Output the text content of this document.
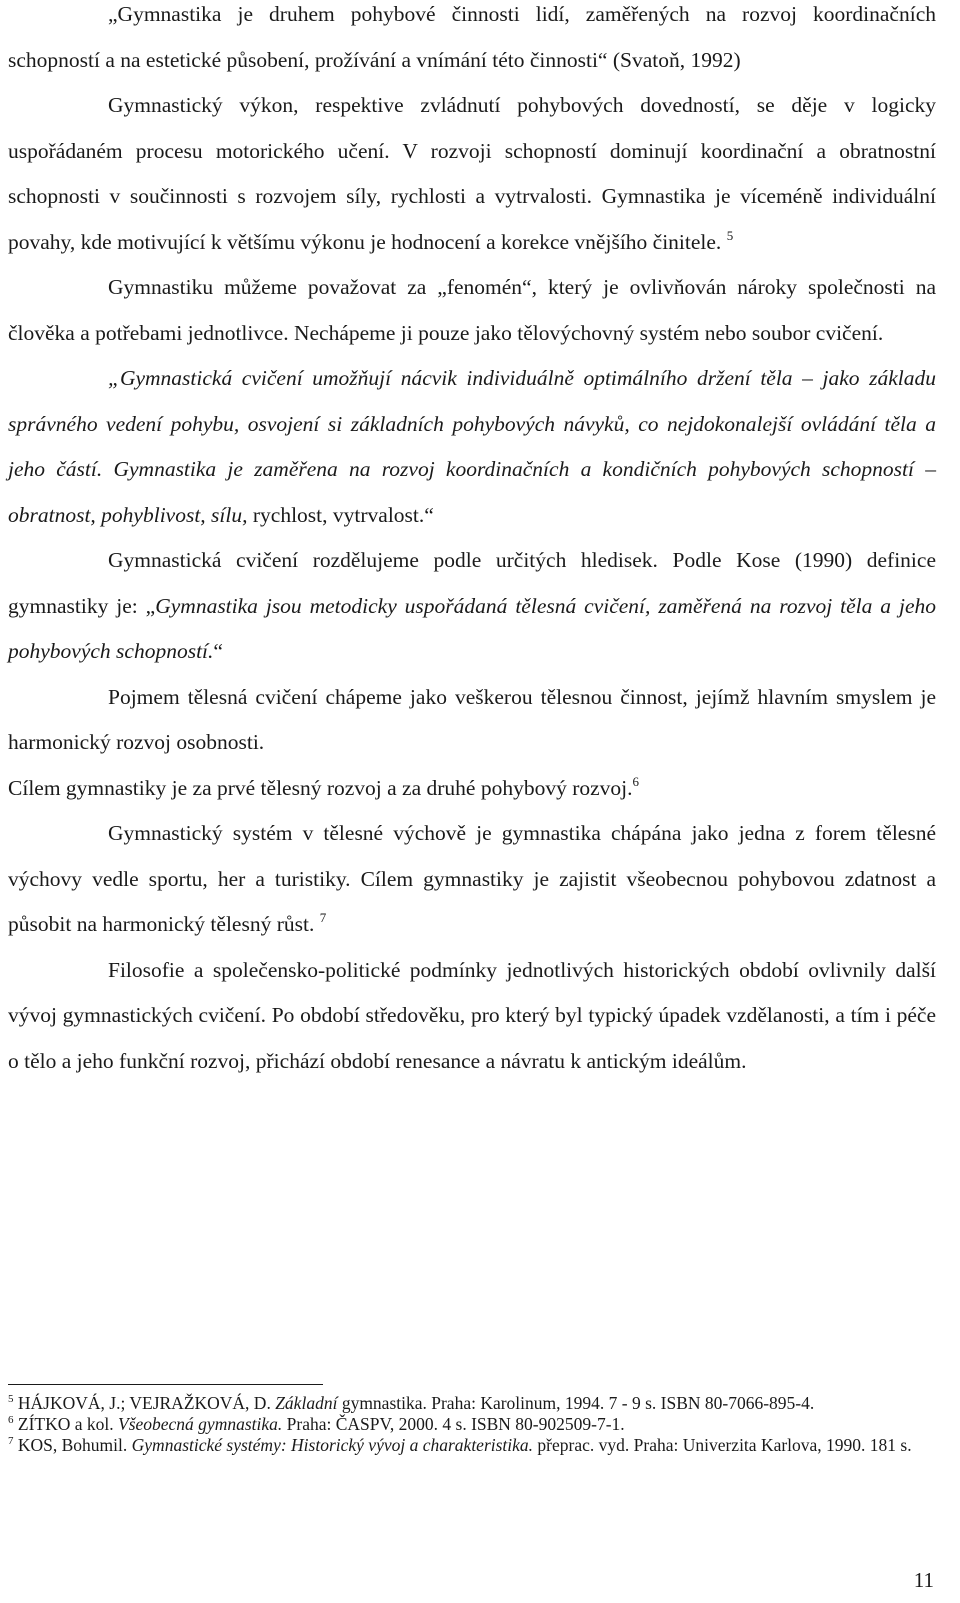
„Gymnastika je druhem pohybové činnosti lidí, zaměřených na rozvoj koordinačních schopností a na estetické působení, prožívání a vnímání této činnosti“ (Svatoň, 1992)

Gymnastický výkon, respektive zvládnutí pohybových dovedností, se děje v logicky uspořádaném procesu motorického učení. V rozvoji schopností dominují koordinační a obratnostní schopnosti v součinnosti s rozvojem síly, rychlosti a vytrvalosti. Gymnastika je víceméně individuální povahy, kde motivující k většímu výkonu je hodnocení a korekce vnějšího činitele. $^5$

Gymnastiku můžeme považovat za „fenomén“, který je ovlivňován nároky společnosti na člověka a potřebami jednotlivce. Nechápeme ji pouze jako tělovýchovný systém nebo soubor cvičení.

„Gymnastická cvičení umožňují nácvik individuálně optimálního držení těla – jako základu správného vedení pohybu, osvojení si základních pohybových návyků, co nejdokonalejší ovládání těla a jeho částí. Gymnastika je zaměřena na rozvoj koordinačních a kondičních pohybových schopností – obratnost, pohyblivost, sílu, rychlost, vytrvalost.“

Gymnastická cvičení rozdělujeme podle určitých hledisek. Podle Kose (1990) definice gymnastiky je: „Gymnastika jsou metodicky uspořádaná tělesná cvičení, zaměřená na rozvoj těla a jeho pohybových schopností.“

Pojmem tělesná cvičení chápeme jako veškerou tělesnou činnost, jejímž hlavním smyslem je harmonický rozvoj osobnosti.

Cílem gymnastiky je za prvé tělesný rozvoj a za druhé pohybový rozvoj.$^6$

Gymnastický systém v tělesné výchově je gymnastika chápána jako jedna z forem tělesné výchovy vedle sportu, her a turistiky. Cílem gymnastiky je zajistit všeobecnou pohybovou zdatnost a působit na harmonický tělesný růst. $^7$

Filosofie a společensko-politické podmínky jednotlivých historických období ovlivnily další vývoj gymnastických cvičení. Po období středověku, pro který byl typický úpadek vzdělanosti, a tím i péče o tělo a jeho funkční rozvoj, přichází období renesance a návratu k antickým ideálům.

$^5$ HÁJKOVÁ, J.; VEJRAŽKOVÁ, D. Základní gymnastika. Praha: Karolinum, 1994. 7 - 9 s. ISBN 80-7066-895-4.

$^6$ ZÍTKO a kol. Všeobecná gymnastika. Praha: ČASPV, 2000. 4 s. ISBN 80-902509-7-1.

$^7$ KOS, Bohumil. Gymnastické systémy: Historický vývoj a charakteristika. přeprac. vyd. Praha: Univerzita Karlova, 1990. 181 s.

11
